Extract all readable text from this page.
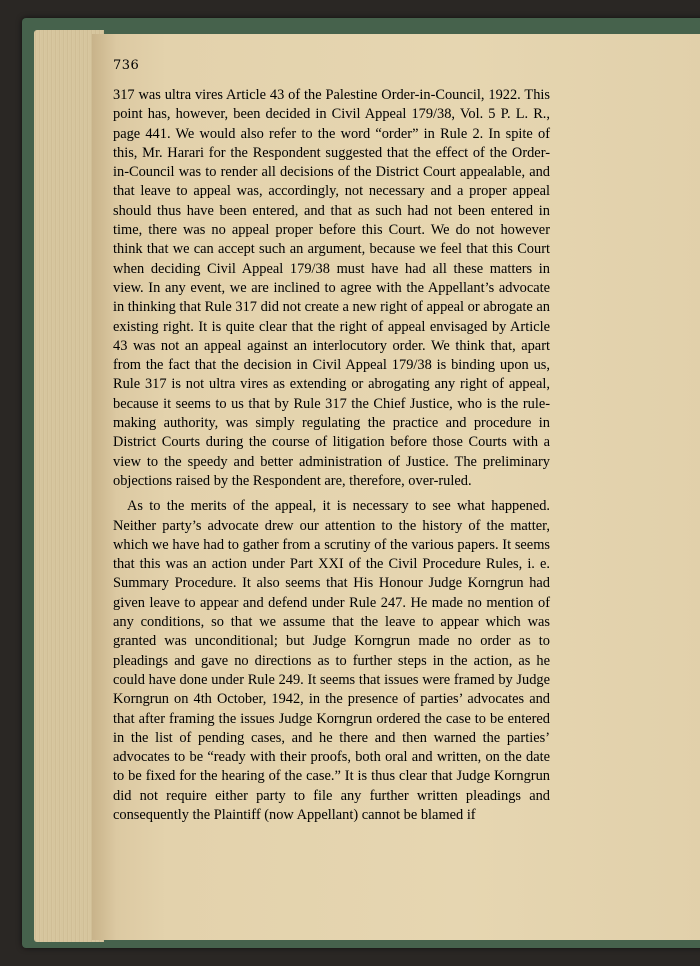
736

317 was ultra vires Article 43 of the Palestine Order-in-Council, 1922. This point has, however, been decided in Civil Appeal 179/38, Vol. 5 P. L. R., page 441. We would also refer to the word “order” in Rule 2. In spite of this, Mr. Harari for the Respondent suggested that the effect of the Order-in-Council was to render all decisions of the District Court appealable, and that leave to appeal was, accordingly, not necessary and a proper appeal should thus have been entered, and that as such had not been entered in time, there was no appeal proper before this Court. We do not however think that we can accept such an argument, because we feel that this Court when deciding Civil Appeal 179/38 must have had all these matters in view. In any event, we are inclined to agree with the Appellant’s advocate in thinking that Rule 317 did not create a new right of appeal or abrogate an existing right. It is quite clear that the right of appeal envisaged by Article 43 was not an appeal against an interlocutory order. We think that, apart from the fact that the decision in Civil Appeal 179/38 is binding upon us, Rule 317 is not ultra vires as extending or abrogating any right of appeal, because it seems to us that by Rule 317 the Chief Justice, who is the rule-making authority, was simply regulating the practice and procedure in District Courts during the course of litigation before those Courts with a view to the speedy and better administration of Justice. The preliminary objections raised by the Respondent are, therefore, over-ruled.

As to the merits of the appeal, it is necessary to see what happened. Neither party’s advocate drew our attention to the history of the matter, which we have had to gather from a scrutiny of the various papers. It seems that this was an action under Part XXI of the Civil Procedure Rules, i. e. Summary Procedure. It also seems that His Honour Judge Korngrun had given leave to appear and defend under Rule 247. He made no mention of any conditions, so that we assume that the leave to appear which was granted was unconditional; but Judge Korngrun made no order as to pleadings and gave no directions as to further steps in the action, as he could have done under Rule 249. It seems that issues were framed by Judge Korngrun on 4th October, 1942, in the presence of parties’ advocates and that after framing the issues Judge Korngrun ordered the case to be entered in the list of pending cases, and he there and then warned the parties’ advocates to be “ready with their proofs, both oral and written, on the date to be fixed for the hearing of the case.” It is thus clear that Judge Korngrun did not require either party to file any further written pleadings and consequently the Plaintiff (now Appellant) cannot be blamed if
